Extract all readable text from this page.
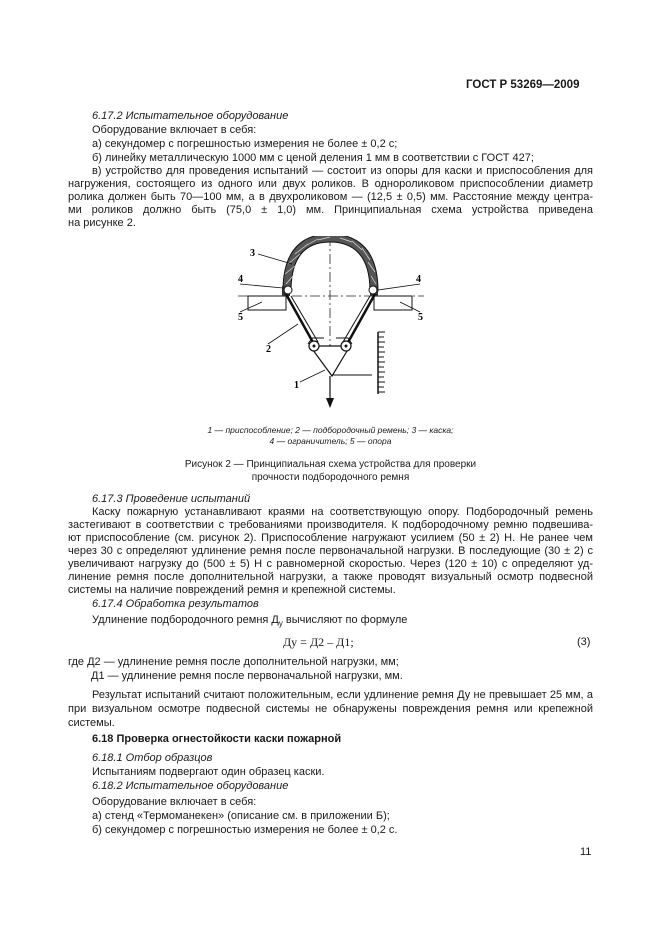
ГОСТ Р 53269—2009
6.17.2 Испытательное оборудование
Оборудование включает в себя:
а) секундомер с погрешностью измерения не более ± 0,2 с;
б) линейку металлическую 1000 мм с ценой деления 1 мм в соответствии с ГОСТ 427;
в) устройство для проведения испытаний — состоит из опоры для каски и приспособления для
нагружения, состоящего из одного или двух роликов. В однороликовом приспособлении диаметр
ролика должен быть 70—100 мм, а в двухроликовом — (12,5 ± 0,5) мм. Расстояние между центра-
ми роликов должно быть (75,0 ± 1,0) мм. Принципиальная схема устройства приведена
на рисунке 2.
3
4	4
5	5
2
1
1 — приспособление; 2 — подбородочный ремень; 3 — каска;
4 — ограничитель; 5 — опора
Рисунок 2 — Принципиальная схема устройства для проверки
прочности подбородочного ремня
6.17.3 Проведение испытаний
Каску пожарную устанавливают краями на соответствующую опору. Подбородочный ремень
застегивают в соответствии с требованиями производителя. К подбородочному ремню подвешива-
ют приспособление (см. рисунок 2). Приспособление нагружают усилием (50 ± 2) Н. Не ранее чем
через 30 с определяют удлинение ремня после первоначальной нагрузки. В последующие (30 ± 2) с
увеличивают нагрузку до (500 ± 5) Н с равномерной скоростью. Через (120 ± 10) с определяют уд-
линение ремня после дополнительной нагрузки, а также проводят визуальный осмотр подвесной
системы на наличие повреждений ремня и крепежной системы.
6.17.4 Обработка результатов
Удлинение подбородочного ремня $Д_у$ вычисляют по формуле
Ду = Д2 – Д1;	(3)
где Д2 — удлинение ремня после дополнительной нагрузки, мм;
Д1 — удлинение ремня после первоначальной нагрузки, мм.
Результат испытаний считают положительным, если удлинение ремня Ду не превышает 25 мм, а
при визуальном осмотре подвесной системы не обнаружены повреждения ремня или крепежной
системы.
6.18 Проверка огнестойкости каски пожарной
6.18.1 Отбор образцов
Испытаниям подвергают один образец каски.
6.18.2 Испытательное оборудование
Оборудование включает в себя:
а) стенд «Термоманекен» (описание см. в приложении Б);
б) секундомер с погрешностью измерения не более ± 0,2 с.
11
